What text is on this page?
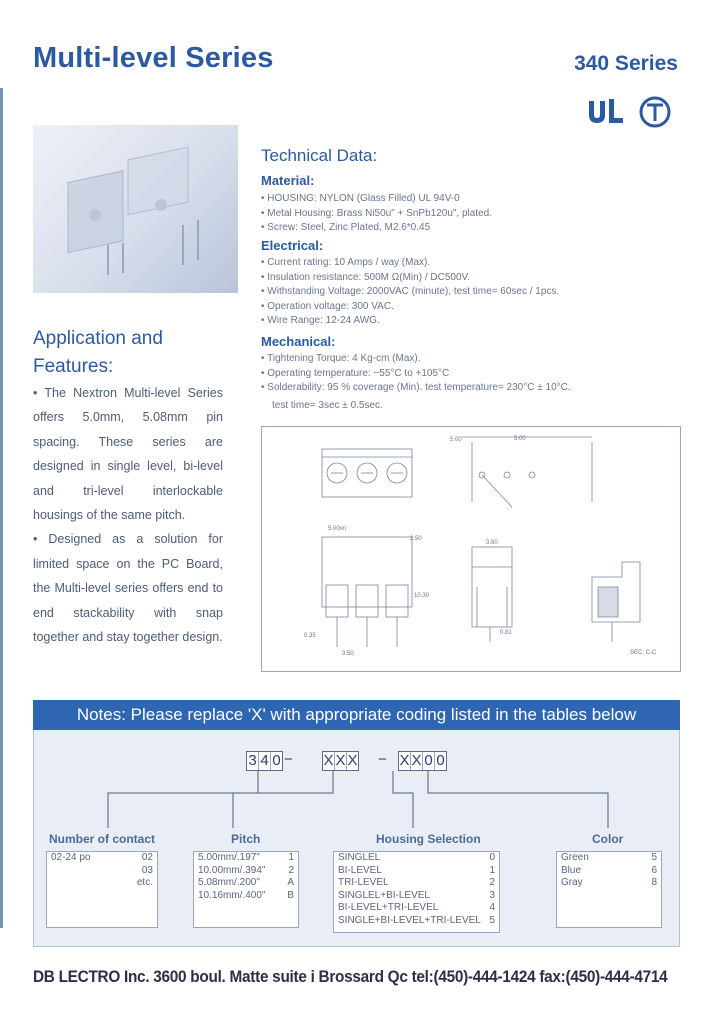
Multi-level Series	340 Series
Application and
Features:

• The Nextron Multi-level Series offers 5.0mm, 5.08mm pin spacing. These series are designed in single level, bi-level and tri-level interlockable housings of the same pitch.

• Designed as a solution for limited space on the PC Board, the Multi-level series offers end to end stackability with snap together and stay together design.

Technical Data:
Material:
• HOUSING: NYLON (Glass Filled) UL 94V-0
• Metal Housing: Brass Ni50u" + SnPb120u", plated.
• Screw: Steel, Zinc Plated, M2.6*0.45
Electrical:
• Current rating: 10 Amps / way (Max).
• Insulation resistance: 500M Ω(Min) / DC500V.
• Withstanding Voltage: 2000VAC (minute), test time= 60sec / 1pcs.
• Operation voltage: 300 VAC.
• Wire Range: 12-24 AWG.
Mechanical:
• Tightening Torque: 4 Kg-cm (Max).
• Operating temperature: −55°C to +105°C
• Solderability: 95 % coverage (Min). test temperature= 230°C ± 10°C.
test time= 3sec ± 0.5sec.
5.00	5.00
5.00xn
2.50
3.60
0.35	0.81
3.50	SEC. C-C
10.30
Notes: Please replace 'X' with appropriate coding listed in the tables below
3 4 0 − X X X − X X 0 0
Number of contact	Pitch	Housing Selection	Color
02-24 po	02
03
etc.
5.00mm/.197"	1
10.00mm/.394" 2
5.08mm/.200"	A
10.16mm/.400" B
SINGLEL	0
BI-LEVEL	1
TRI-LEVEL	2
SINGLEL+BI-LEVEL	3
BI-LEVEL+TRI-LEVEL	4
SINGLE+BI-LEVEL+TRI-LEVEL 5
Green	5
Blue	6
Gray	8
DB LECTRO Inc. 3600 boul. Matte suite i Brossard Qc tel:(450)-444-1424 fax:(450)-444-4714
